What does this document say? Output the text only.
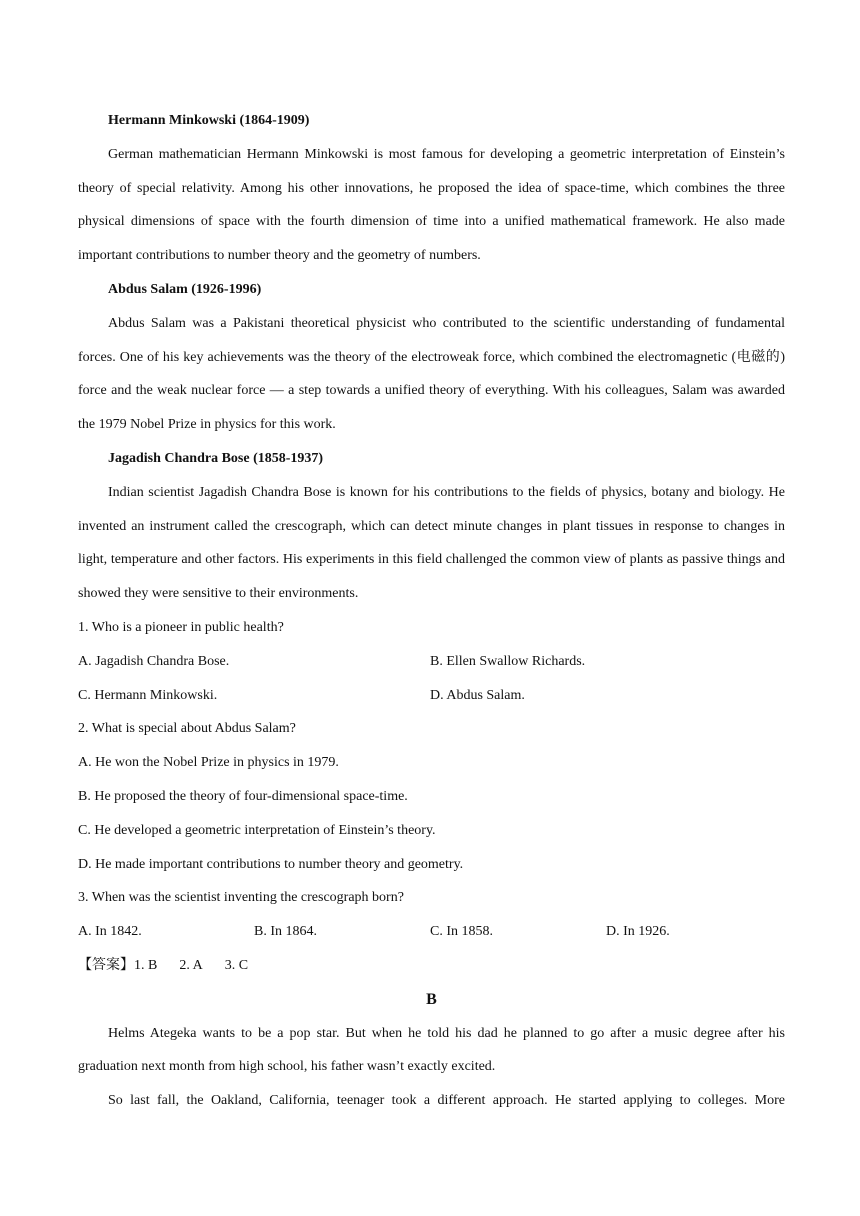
Hermann Minkowski (1864-1909)
German mathematician Hermann Minkowski is most famous for developing a geometric interpretation of Einstein’s theory of special relativity. Among his other innovations, he proposed the idea of space-time, which combines the three physical dimensions of space with the fourth dimension of time into a unified mathematical framework. He also made important contributions to number theory and the geometry of numbers.
Abdus Salam (1926-1996)
Abdus Salam was a Pakistani theoretical physicist who contributed to the scientific understanding of fundamental forces. One of his key achievements was the theory of the electroweak force, which combined the electromagnetic (电磁的) force and the weak nuclear force — a step towards a unified theory of everything. With his colleagues, Salam was awarded the 1979 Nobel Prize in physics for this work.
Jagadish Chandra Bose (1858-1937)
Indian scientist Jagadish Chandra Bose is known for his contributions to the fields of physics, botany and biology. He invented an instrument called the crescograph, which can detect minute changes in plant tissues in response to changes in light, temperature and other factors. His experiments in this field challenged the common view of plants as passive things and showed they were sensitive to their environments.
1. Who is a pioneer in public health?
A. Jagadish Chandra Bose.	B. Ellen Swallow Richards.
C. Hermann Minkowski.	D. Abdus Salam.
2. What is special about Abdus Salam?
A. He won the Nobel Prize in physics in 1979.
B. He proposed the theory of four-dimensional space-time.
C. He developed a geometric interpretation of Einstein’s theory.
D. He made important contributions to number theory and geometry.
3. When was the scientist inventing the crescograph born?
A. In 1842.	B. In 1864.	C. In 1858.	D. In 1926.
【答案】1. B 2. A 3. C
B
Helms Ategeka wants to be a pop star. But when he told his dad he planned to go after a music degree after his graduation next month from high school, his father wasn’t exactly excited.
So last fall, the Oakland, California, teenager took a different approach. He started applying to colleges. More
